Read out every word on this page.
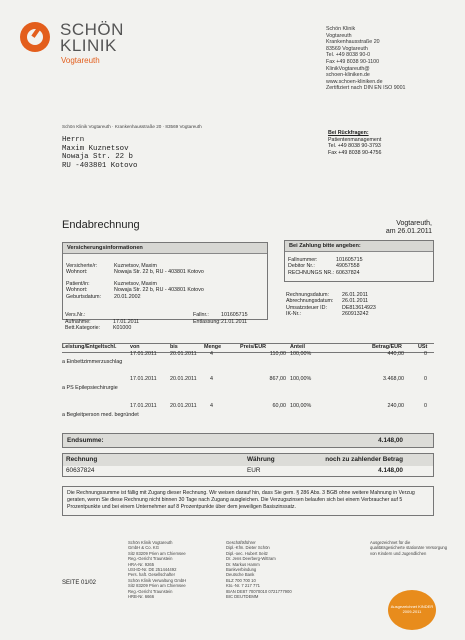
SCHÖN
KLINIK
Vogtareuth
Schön Klinik
Vogtareuth
Krankenhausstraße 20
83569 Vogtareuth
Tel. +49 8038 90-0
Fax +49 8038 90-1100
KlinikVogtareuth@
schoen-kliniken.de
www.schoen-kliniken.de
Zertifiziert nach DIN EN ISO 9001
Schön Klinik Vogtareuth · Krankenhausstraße 20 · 83569 Vogtareuth
Herrn
Maxim Kuznetsov
Nowaja Str. 22 b
RU -403801 Kotovo
Bei Rückfragen:
Patientenmanagement
Tel. +49 8038 90-3793
Fax +49 8038 90-4756
Vogtareuth,
am 26.01.2011
Endabrechnung
Versicherungsinformationen
Versicherte/r:	Kuznetsov, Maxim
Wohnort:	Nowaja Str. 22 b, RU - 403801 Kotovo
Patient/in:	Kuznetsov, Maxim
Wohnort:	Nowaja Str. 22 b, RU - 403801 Kotovo
Geburtsdatum:	20.01.2002
Vers.Nr.:	Fallnr.:	101605715
Aufnahme:	17.01.2011	Entlassung: 21.01.2011
Bett.Kategorie:	K01000
Bei Zahlung bitte angeben:
Fallnummer:	101605715
Debitor Nr.:	49057558
RECHNUNGS NR.: 60637824
Rechnungsdatum:	26.01.2011
Abrechnungsdatum:	26.01.2011
Umsatzsteuer ID:	DE813614923
IK-Nr.:	260913242
Leistung/Entgeltschl. von	bis	Menge	Preis/EUR	Anteil	Betrag/EUR	USt
17.01.2011 20.01.2011 4	110,00 100,00%	440,00	0
a Einbettzimmerzuschlag
17.01.2011 20.01.2011 4	867,00 100,00%	3.468,00	0
a PS Epilepsiechirurgie
17.01.2011 20.01.2011 4	60,00 100,00%	240,00	0
a Begleitperson med. begründet
Endsumme:	4.148,00
Rechnung	Währung	noch zu zahlender Betrag
60637824	EUR	4.148,00
Die Rechnungssumme ist fällig mit Zugang dieser Rechnung. Wir weisen darauf hin, dass Sie gem. § 286 Abs. 3 BGB ohne weitere Mahnung in Verzug geraten, wenn Sie diese Rechnung nicht binnen 30 Tage nach Zugang ausgleichen. Die Verzugszinsen belaufen sich bei einem Verbraucher auf 5 Prozentpunkte und bei einem Unternehmer auf 8 Prozentpunkte über dem jeweiligen Basiszinssatz.
SEITE 01/02
Schön Klinik Vogtareuth
GmbH & Co. KG
Sitz 83209 Prien am Chiemsee
Reg.-Gericht Traunstein
HRA-Nr. 9265
USt-ID-Nr. DE 251444492
Pers. haft. Gesellschafter
Schön Klinik Verwaltung GmbH
Sitz 83209 Prien am Chiemsee
Reg.-Gericht Traunstein
HRB-Nr. 6666
Geschäftsführer
Dipl.-Kfm. Dieter Schön
Dipl.-oec. Hubert Seitz
Dr. Jens Deerberg-Wittram
Dr. Markus Hamm
Bankverbindung
Deutsche Bank
BLZ 700 700 10
Kto.-Nr. 7 217 771
IBAN DE87 70070010 0721777900
BIC DEUTDEMM
Ausgezeichnet für die
qualitätsgesicherte stationäre Versorgung
von Kindern und Jugendlichen
Ausgezeichnet KINDER 2009-2011
